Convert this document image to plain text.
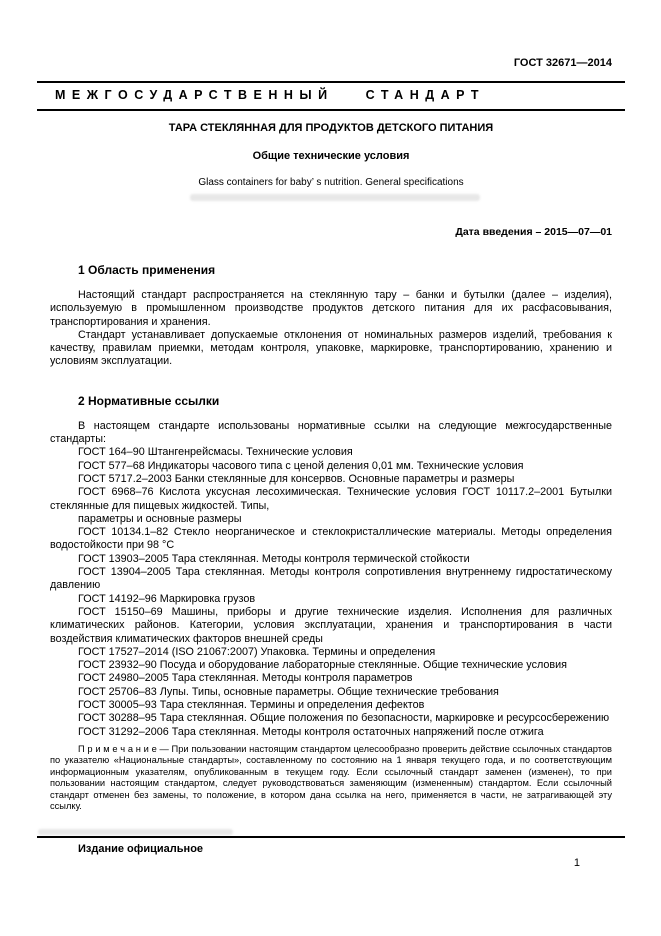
ГОСТ 32671—2014
МЕЖГОСУДАРСТВЕННЫЙ СТАНДАРТ
ТАРА СТЕКЛЯННАЯ ДЛЯ ПРОДУКТОВ ДЕТСКОГО ПИТАНИЯ
Общие технические условия
Glass containers for baby’ s nutrition. General specifications
Дата введения – 2015—07—01
1 Область применения

Настоящий стандарт распространяется на стеклянную тару – банки и бутылки (далее – изделия), используемую в промышленном производстве продуктов детского питания для их расфасовывания, транспортирования и хранения.

Стандарт устанавливает допускаемые отклонения от номинальных размеров изделий, требования к качеству, правилам приемки, методам контроля, упаковке, маркировке, транспортированию, хранению и условиям эксплуатации.

2 Нормативные ссылки

В настоящем стандарте использованы нормативные ссылки на следующие межгосударственные стандарты:

ГОСТ 164–90 Штангенрейсмасы. Технические условия

ГОСТ 577–68 Индикаторы часового типа с ценой деления 0,01 мм. Технические условия

ГОСТ 5717.2–2003 Банки стеклянные для консервов. Основные параметры и размеры

ГОСТ 6968–76 Кислота уксусная лесохимическая. Технические условия ГОСТ 10117.2–2001 Бутылки стеклянные для пищевых жидкостей. Типы,

параметры и основные размеры

ГОСТ 10134.1–82 Стекло неорганическое и стеклокристаллические материалы. Методы определения водостойкости при 98 °С

ГОСТ 13903–2005 Тара стеклянная. Методы контроля термической стойкости

ГОСТ 13904–2005 Тара стеклянная. Методы контроля сопротивления внутреннему гидростатическому давлению

ГОСТ 14192–96 Маркировка грузов

ГОСТ 15150–69 Машины, приборы и другие технические изделия. Исполнения для различных климатических районов. Категории, условия эксплуатации, хранения и транспортирования в части воздействия климатических факторов внешней среды

ГОСТ 17527–2014 (ISO 21067:2007) Упаковка. Термины и определения

ГОСТ 23932–90 Посуда и оборудование лабораторные стеклянные. Общие технические условия

ГОСТ 24980–2005 Тара стеклянная. Методы контроля параметров

ГОСТ 25706–83 Лупы. Типы, основные параметры. Общие технические требования

ГОСТ 30005–93 Тара стеклянная. Термины и определения дефектов

ГОСТ 30288–95 Тара стеклянная. Общие положения по безопасности, маркировке и ресурсосбережению

ГОСТ 31292–2006 Тара стеклянная. Методы контроля остаточных напряжений после отжига

П р и м е ч а н и е — При пользовании настоящим стандартом целесообразно проверить действие ссылочных стандартов по указателю «Национальные стандарты», составленному по состоянию на 1 января текущего года, и по соответствующим информационным указателям, опубликованным в текущем году. Если ссылочный стандарт заменен (изменен), то при пользовании настоящим стандартом, следует руководствоваться заменяющим (измененным) стандартом. Если ссылочный стандарт отменен без замены, то положение, в котором дана ссылка на него, применяется в части, не затрагивающей эту ссылку.

Издание официальное
1
